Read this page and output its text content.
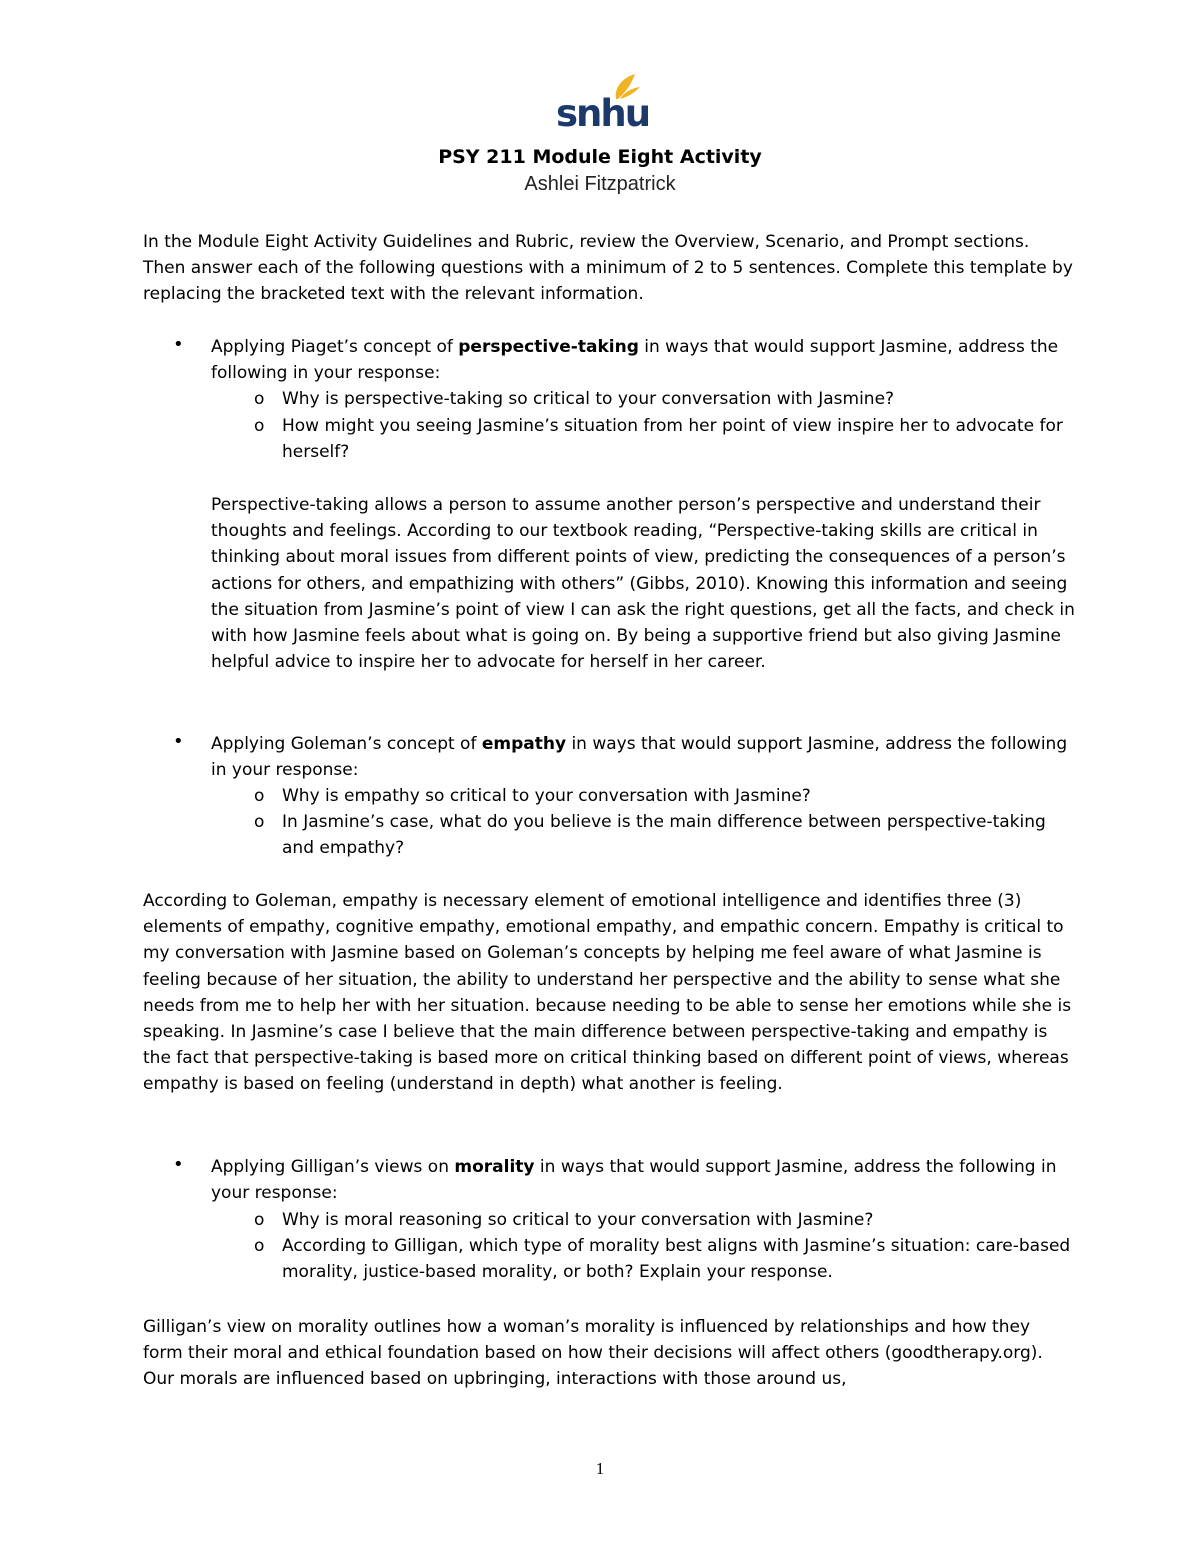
snhu
PSY 211 Module Eight Activity
Ashlei Fitzpatrick

In the Module Eight Activity Guidelines and Rubric, review the Overview, Scenario, and Prompt sections. Then answer each of the following questions with a minimum of 2 to 5 sentences. Complete this template by replacing the bracketed text with the relevant information.

• Applying Piaget’s concept of perspective-taking in ways that would support Jasmine, address the following in your response:
o Why is perspective-taking so critical to your conversation with Jasmine?
o How might you seeing Jasmine’s situation from her point of view inspire her to advocate for herself?

Perspective-taking allows a person to assume another person’s perspective and understand their thoughts and feelings. According to our textbook reading, “Perspective-taking skills are critical in thinking about moral issues from different points of view, predicting the consequences of a person’s actions for others, and empathizing with others” (Gibbs, 2010). Knowing this information and seeing the situation from Jasmine’s point of view I can ask the right questions, get all the facts, and check in with how Jasmine feels about what is going on. By being a supportive friend but also giving Jasmine helpful advice to inspire her to advocate for herself in her career.

• Applying Goleman’s concept of empathy in ways that would support Jasmine, address the following in your response:
o Why is empathy so critical to your conversation with Jasmine?
o In Jasmine’s case, what do you believe is the main difference between perspective-taking and empathy?

According to Goleman, empathy is necessary element of emotional intelligence and identifies three (3) elements of empathy, cognitive empathy, emotional empathy, and empathic concern. Empathy is critical to my conversation with Jasmine based on Goleman’s concepts by helping me feel aware of what Jasmine is feeling because of her situation, the ability to understand her perspective and the ability to sense what she needs from me to help her with her situation. because needing to be able to sense her emotions while she is speaking. In Jasmine’s case I believe that the main difference between perspective-taking and empathy is the fact that perspective-taking is based more on critical thinking based on different point of views, whereas empathy is based on feeling (understand in depth) what another is feeling.

• Applying Gilligan’s views on morality in ways that would support Jasmine, address the following in your response:
o Why is moral reasoning so critical to your conversation with Jasmine?
o According to Gilligan, which type of morality best aligns with Jasmine’s situation: care-based morality, justice-based morality, or both? Explain your response.

Gilligan’s view on morality outlines how a woman’s morality is influenced by relationships and how they form their moral and ethical foundation based on how their decisions will affect others (goodtherapy.org). Our morals are influenced based on upbringing, interactions with those around us,

1
